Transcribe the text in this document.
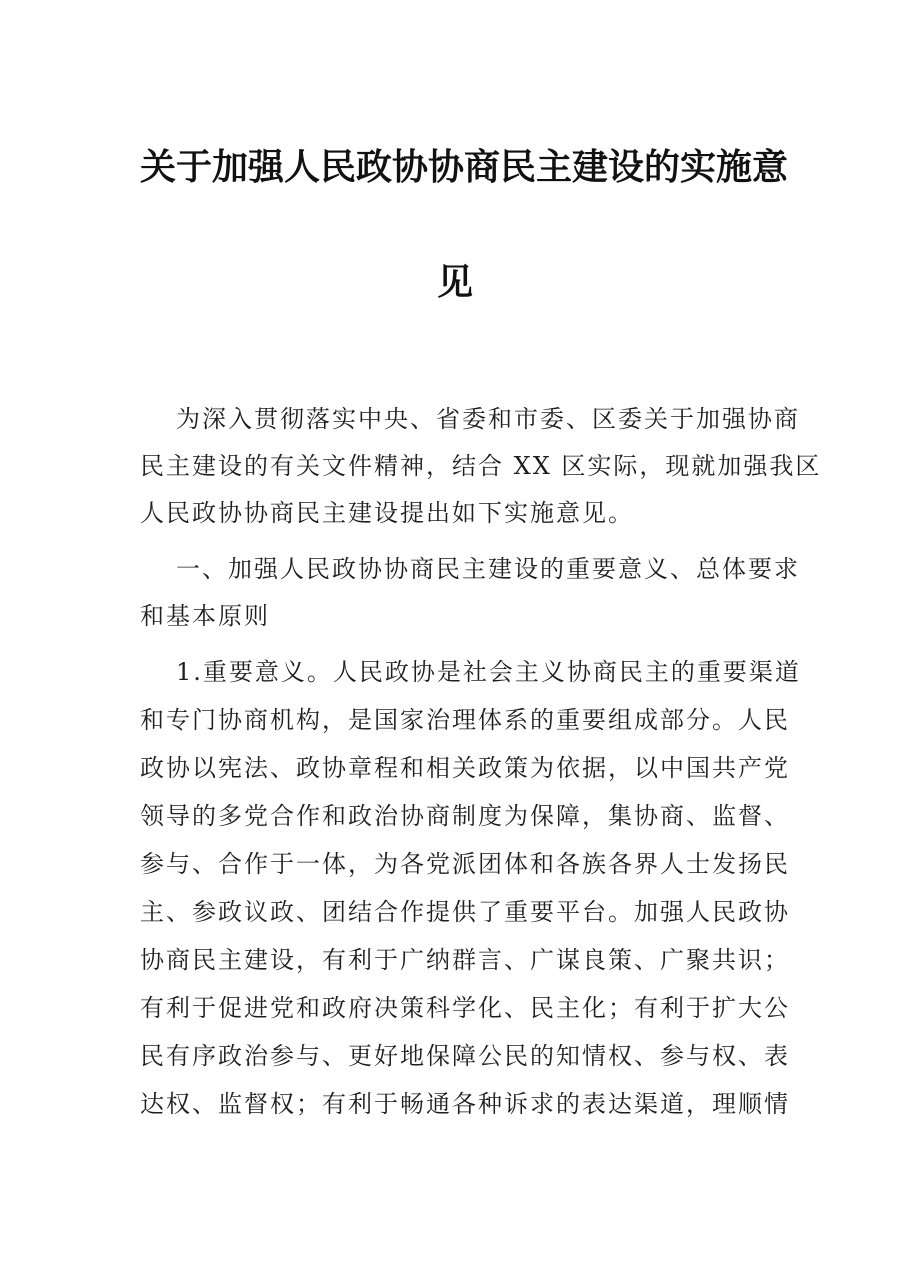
关于加强人民政协协商民主建设的实施意
见
为深入贯彻落实中央、省委和市委、区委关于加强协商
民主建设的有关文件精神，结合 XX 区实际，现就加强我区
人民政协协商民主建设提出如下实施意见。
一、加强人民政协协商民主建设的重要意义、总体要求
和基本原则
1.重要意义。人民政协是社会主义协商民主的重要渠道
和专门协商机构，是国家治理体系的重要组成部分。人民
政协以宪法、政协章程和相关政策为依据，以中国共产党
领导的多党合作和政治协商制度为保障，集协商、监督、
参与、合作于一体，为各党派团体和各族各界人士发扬民
主、参政议政、团结合作提供了重要平台。加强人民政协
协商民主建设，有利于广纳群言、广谋良策、广聚共识；
有利于促进党和政府决策科学化、民主化；有利于扩大公
民有序政治参与、更好地保障公民的知情权、参与权、表
达权、监督权；有利于畅通各种诉求的表达渠道，理顺情
